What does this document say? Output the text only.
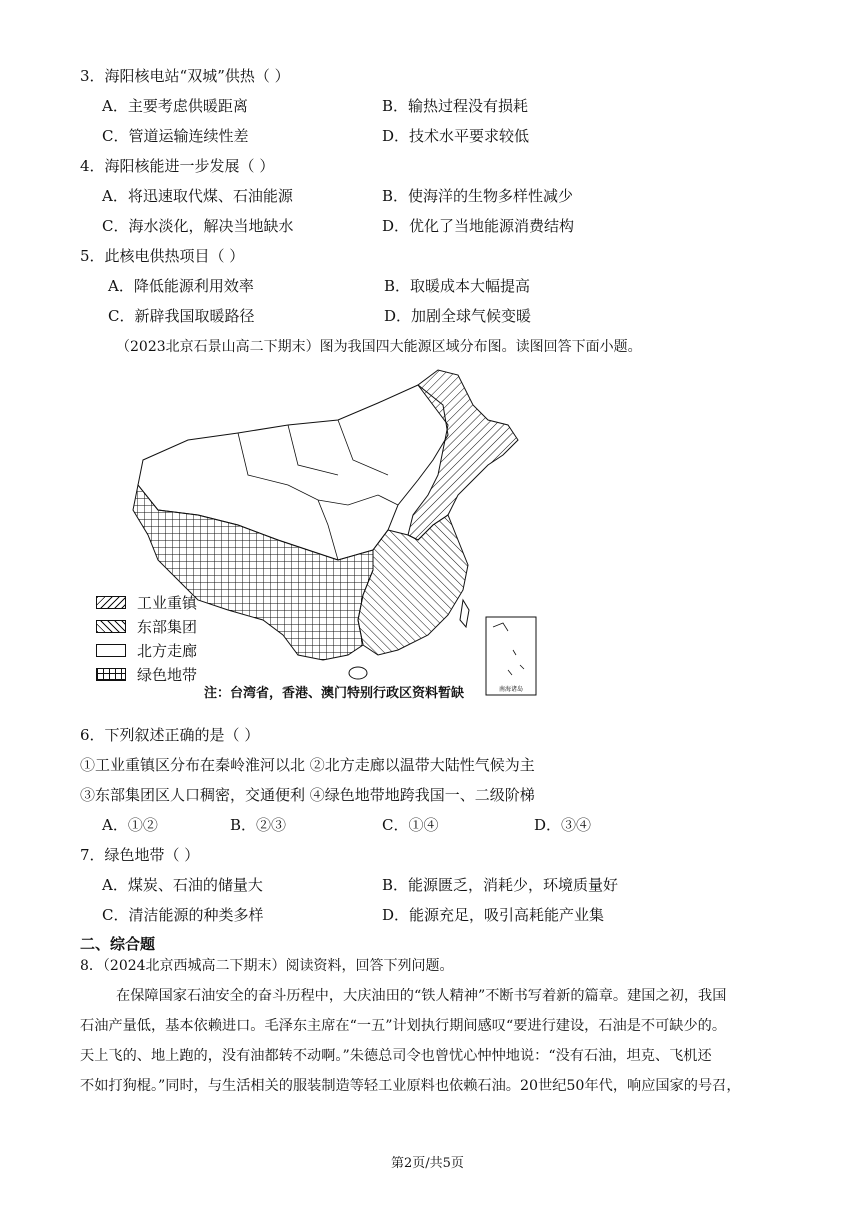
3．海阳核电站“双城”供热（ ）
A．主要考虑供暖距离	B．输热过程没有损耗
C．管道运输连续性差	D．技术水平要求较低
4．海阳核能进一步发展（ ）
A．将迅速取代煤、石油能源	B．使海洋的生物多样性减少
C．海水淡化，解决当地缺水	D．优化了当地能源消费结构
5．此核电供热项目（ ）
A．降低能源利用效率	B．取暖成本大幅提高
C．新辟我国取暖路径	D．加剧全球气候变暖
（2023北京石景山高二下期末）图为我国四大能源区域分布图。读图回答下面小题。
南海诸岛
工业重镇
东部集团
北方走廊
绿色地带
注：台湾省，香港、澳门特别行政区资料暂缺
6．下列叙述正确的是（ ）
①工业重镇区分布在秦岭淮河以北 ②北方走廊以温带大陆性气候为主
③东部集团区人口稠密，交通便利 ④绿色地带地跨我国一、二级阶梯
A．①②	B．②③	C．①④	D．③④
7．绿色地带（ ）
A．煤炭、石油的储量大	B．能源匮乏，消耗少，环境质量好
C．清洁能源的种类多样	D．能源充足，吸引高耗能产业集
二、综合题
8．（2024北京西城高二下期末）阅读资料，回答下列问题。
在保障国家石油安全的奋斗历程中，大庆油田的“铁人精神”不断书写着新的篇章。建国之初，我国
石油产量低，基本依赖进口。毛泽东主席在“一五”计划执行期间感叹“要进行建设，石油是不可缺少的。
天上飞的、地上跑的，没有油都转不动啊。”朱德总司令也曾忧心忡忡地说：“没有石油，坦克、飞机还
不如打狗棍。”同时，与生活相关的服装制造等轻工业原料也依赖石油。20世纪50年代，响应国家的号召，
第2页/共5页
